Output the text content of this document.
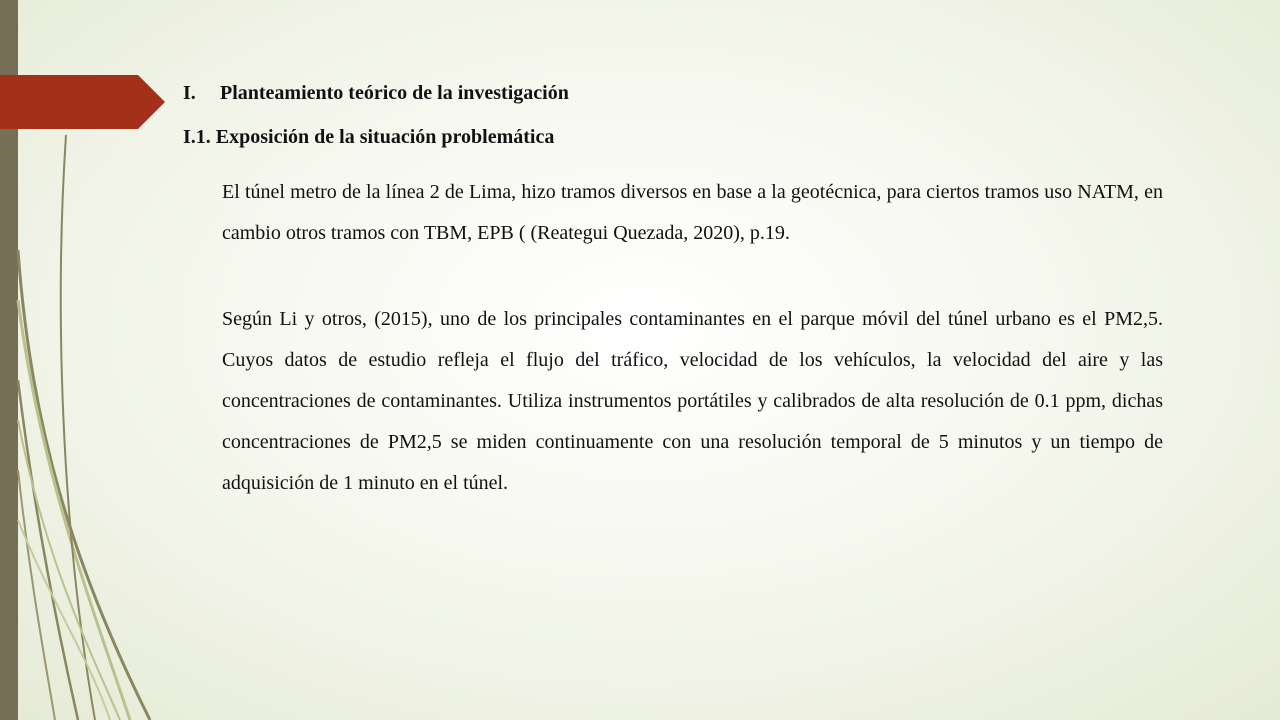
I. Planteamiento teórico de la investigación
I.1. Exposición de la situación problemática

El túnel metro de la línea 2 de Lima, hizo tramos diversos en base a la geotécnica, para ciertos tramos uso NATM, en cambio otros tramos con TBM, EPB ( (Reategui Quezada, 2020), p.19.

Según Li y otros, (2015), uno de los principales contaminantes en el parque móvil del túnel urbano es el PM2,5. Cuyos datos de estudio refleja el flujo del tráfico, velocidad de los vehículos, la velocidad del aire y las concentraciones de contaminantes. Utiliza instrumentos portátiles y calibrados de alta resolución de 0.1 ppm, dichas concentraciones de PM2,5 se miden continuamente con una resolución temporal de 5 minutos y un tiempo de adquisición de 1 minuto en el túnel.
